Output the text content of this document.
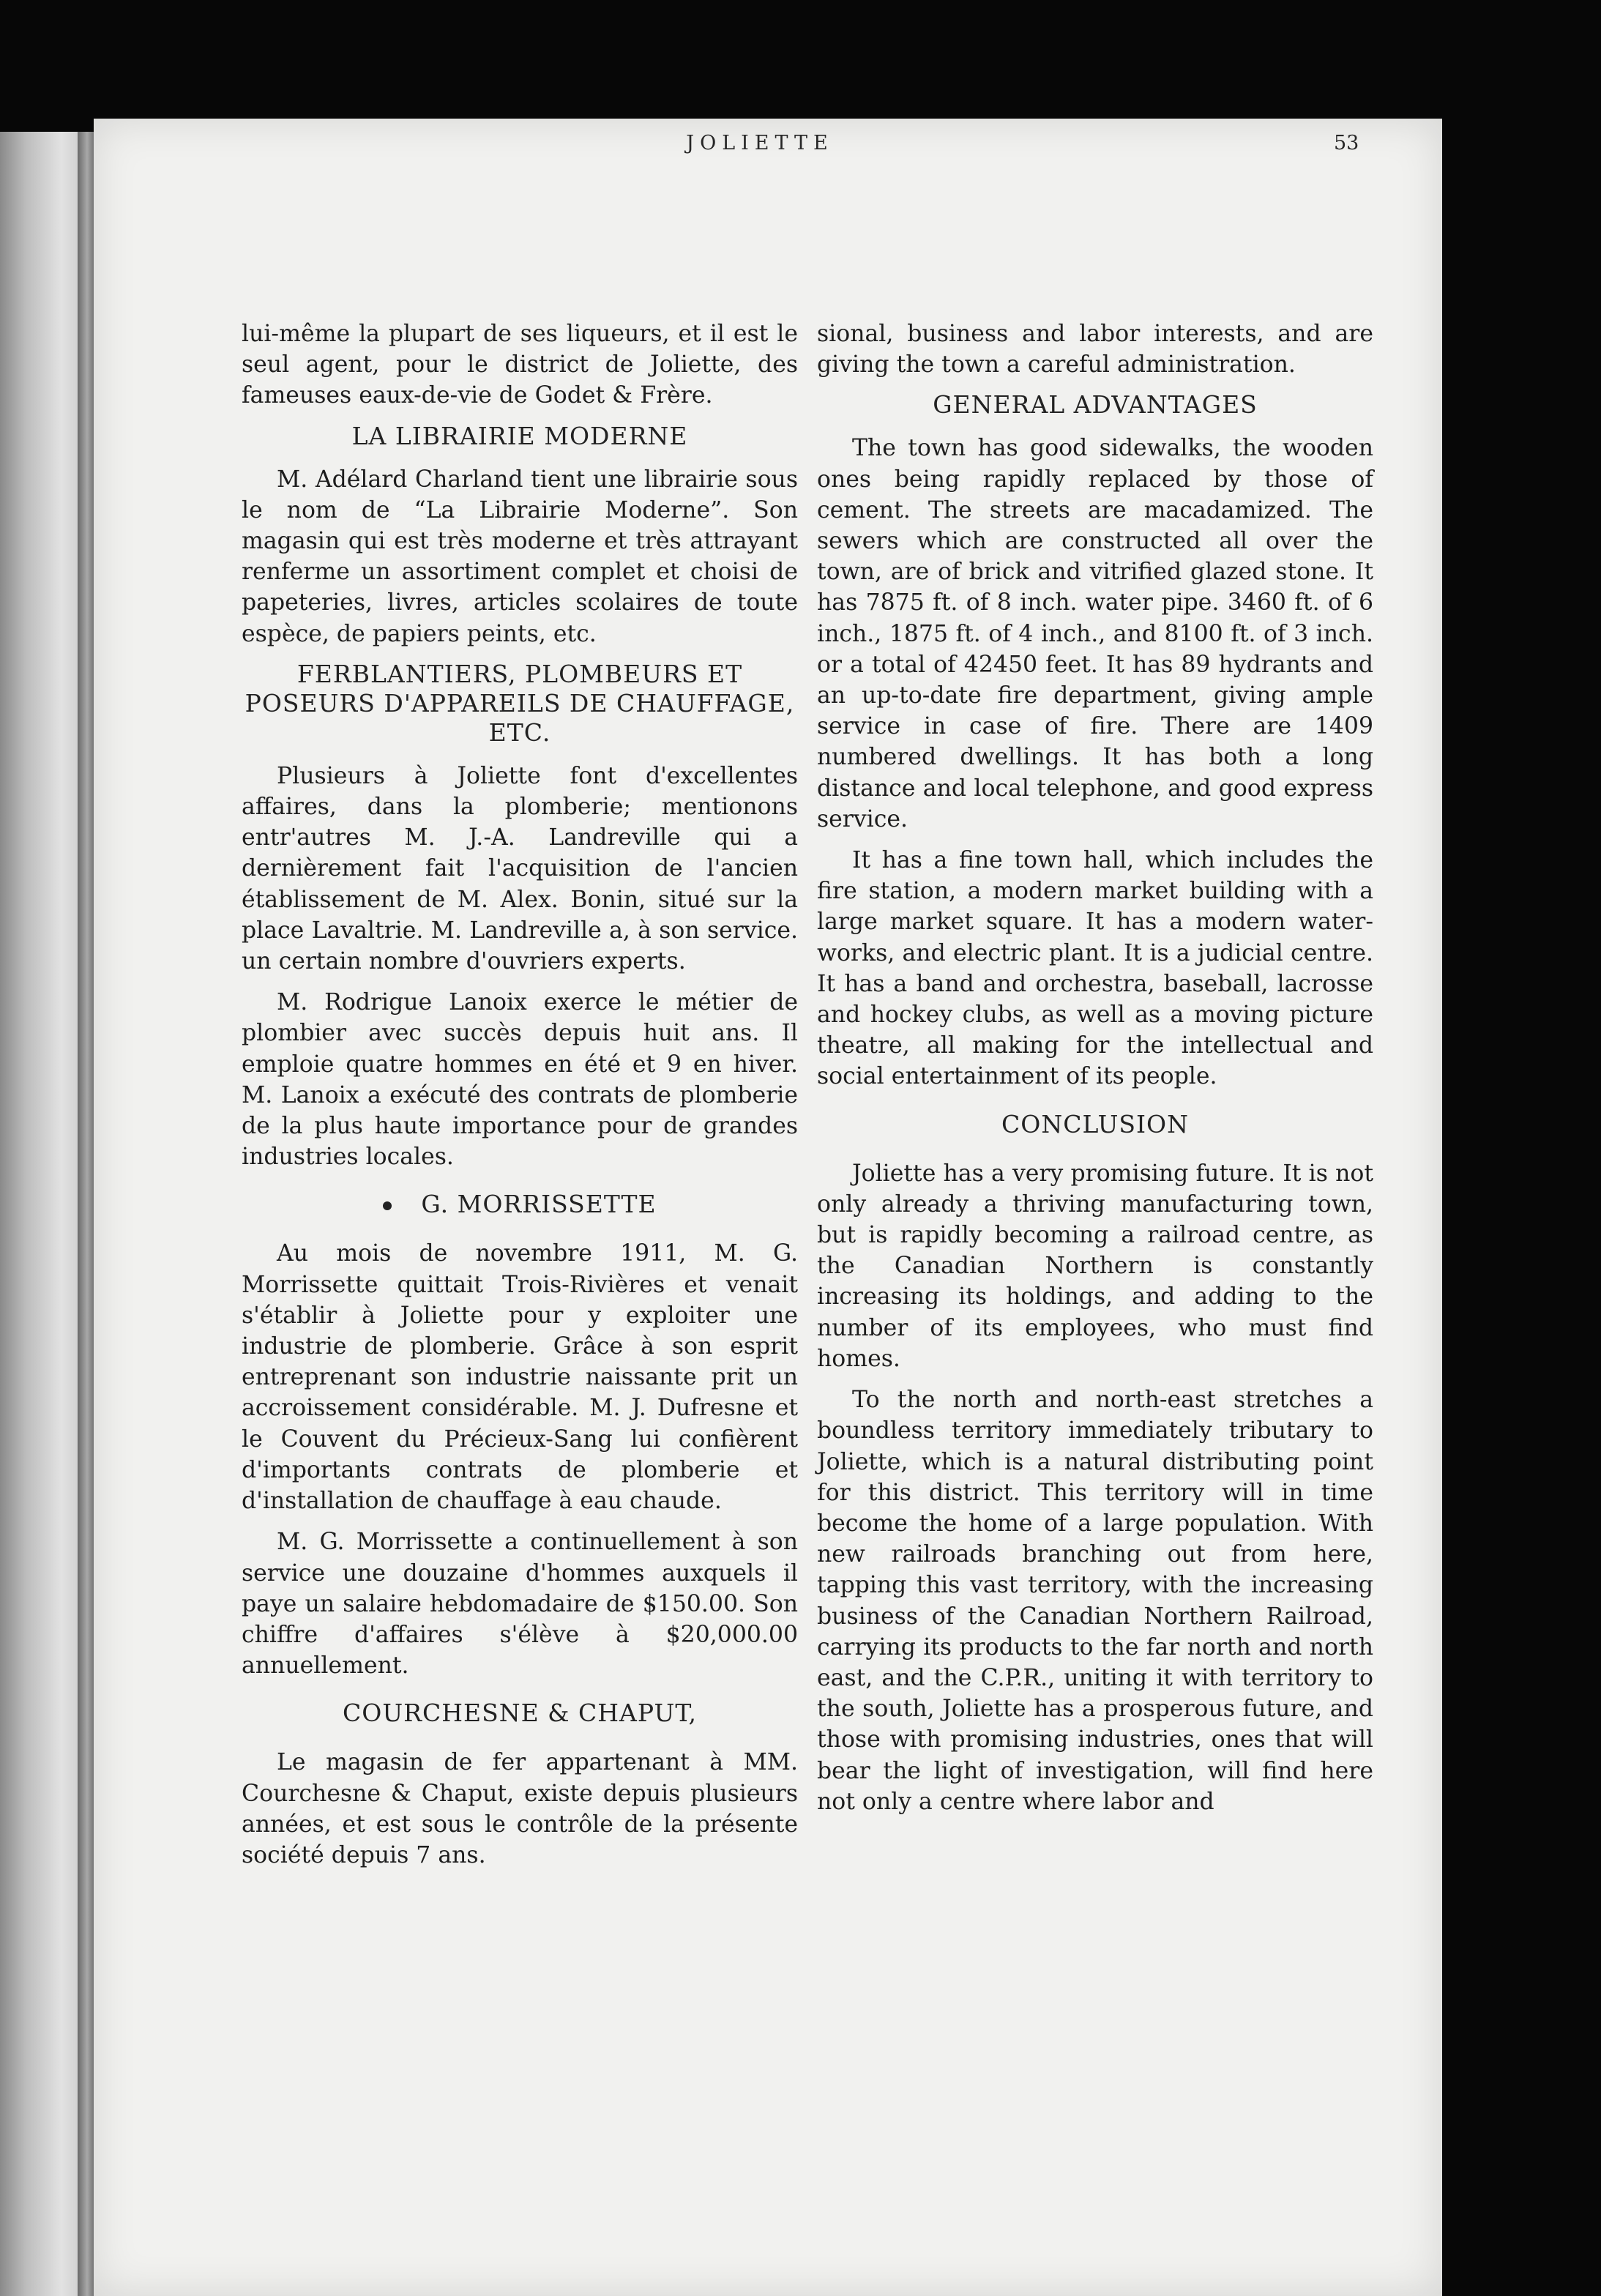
JOLIETTE	53

lui-même la plupart de ses liqueurs, et il est le seul agent, pour le district de Joliette, des fameuses eaux-de-vie de Godet & Frère.

LA LIBRAIRIE MODERNE

M. Adélard Charland tient une librairie sous le nom de “La Librairie Moderne”. Son magasin qui est très moderne et très attrayant renferme un assortiment complet et choisi de papeteries, livres, articles scolaires de toute espèce, de papiers peints, etc.

FERBLANTIERS, PLOMBEURS ET POSEURS D'APPAREILS DE CHAUFFAGE, ETC.

Plusieurs à Joliette font d'excellentes affaires, dans la plomberie; mentionons entr'autres M. J.-A. Landreville qui a dernièrement fait l'acquisition de l'ancien établissement de M. Alex. Bonin, situé sur la place Lavaltrie. M. Landreville a, à son service. un certain nombre d'ouvriers experts.

M. Rodrigue Lanoix exerce le métier de plombier avec succès depuis huit ans. Il emploie quatre hommes en été et 9 en hiver. M. Lanoix a exécuté des contrats de plomberie de la plus haute importance pour de grandes industries locales.

G. MORRISSETTE

Au mois de novembre 1911, M. G. Morrissette quittait Trois-Rivières et venait s'établir à Joliette pour y exploiter une industrie de plomberie. Grâce à son esprit entreprenant son industrie naissante prit un accroissement considérable. M. J. Dufresne et le Couvent du Précieux-Sang lui confièrent d'importants contrats de plomberie et d'installation de chauffage à eau chaude.

M. G. Morrissette a continuellement à son service une douzaine d'hommes auxquels il paye un salaire hebdomadaire de $150.00. Son chiffre d'affaires s'élève à $20,000.00 annuellement.

COURCHESNE & CHAPUT,

Le magasin de fer appartenant à MM. Courchesne & Chaput, existe depuis plusieurs années, et est sous le contrôle de la présente société depuis 7 ans.

sional, business and labor interests, and are giving the town a careful administration.

GENERAL ADVANTAGES

The town has good sidewalks, the wooden ones being rapidly replaced by those of cement. The streets are macadamized. The sewers which are constructed all over the town, are of brick and vitrified glazed stone. It has 7875 ft. of 8 inch. water pipe. 3460 ft. of 6 inch., 1875 ft. of 4 inch., and 8100 ft. of 3 inch. or a total of 42450 feet. It has 89 hydrants and an up-to-date fire department, giving ample service in case of fire. There are 1409 numbered dwellings. It has both a long distance and local telephone, and good express service.

It has a fine town hall, which includes the fire station, a modern market building with a large market square. It has a modern water-works, and electric plant. It is a judicial centre. It has a band and orchestra, baseball, lacrosse and hockey clubs, as well as a moving picture theatre, all making for the intellectual and social entertainment of its people.

CONCLUSION

Joliette has a very promising future. It is not only already a thriving manufacturing town, but is rapidly becoming a railroad centre, as the Canadian Northern is constantly increasing its holdings, and adding to the number of its employees, who must find homes.

To the north and north-east stretches a boundless territory immediately tributary to Joliette, which is a natural distributing point for this district. This territory will in time become the home of a large population. With new railroads branching out from here, tapping this vast territory, with the increasing business of the Canadian Northern Railroad, carrying its products to the far north and north east, and the C.P.R., uniting it with territory to the south, Joliette has a prosperous future, and those with promising industries, ones that will bear the light of investigation, will find here not only a centre where labor and
